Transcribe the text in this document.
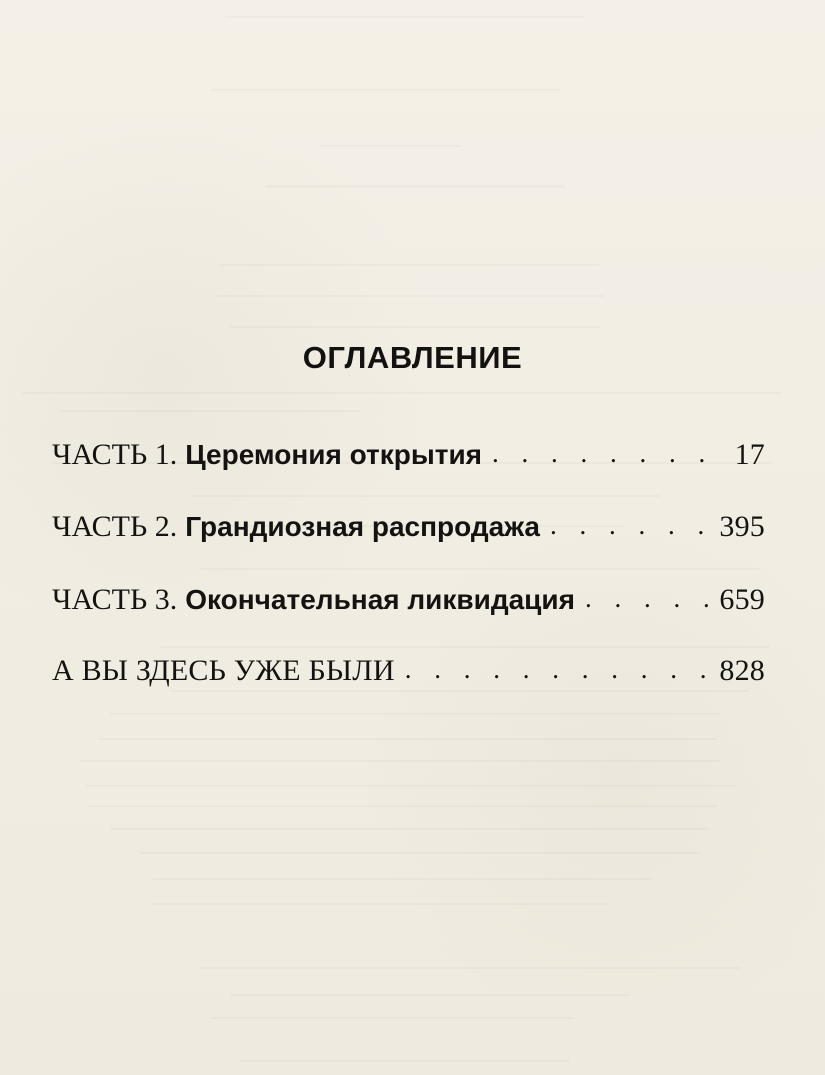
ОГЛАВЛЕНИЕ
ЧАСТЬ 1. Церемония открытия . . .	17
ЧАСТЬ 2. Грандиозная распродажа . . .	395
ЧАСТЬ 3. Окончательная ликвидация . . .	659
А ВЫ ЗДЕСЬ УЖЕ БЫЛИ . . .	828
